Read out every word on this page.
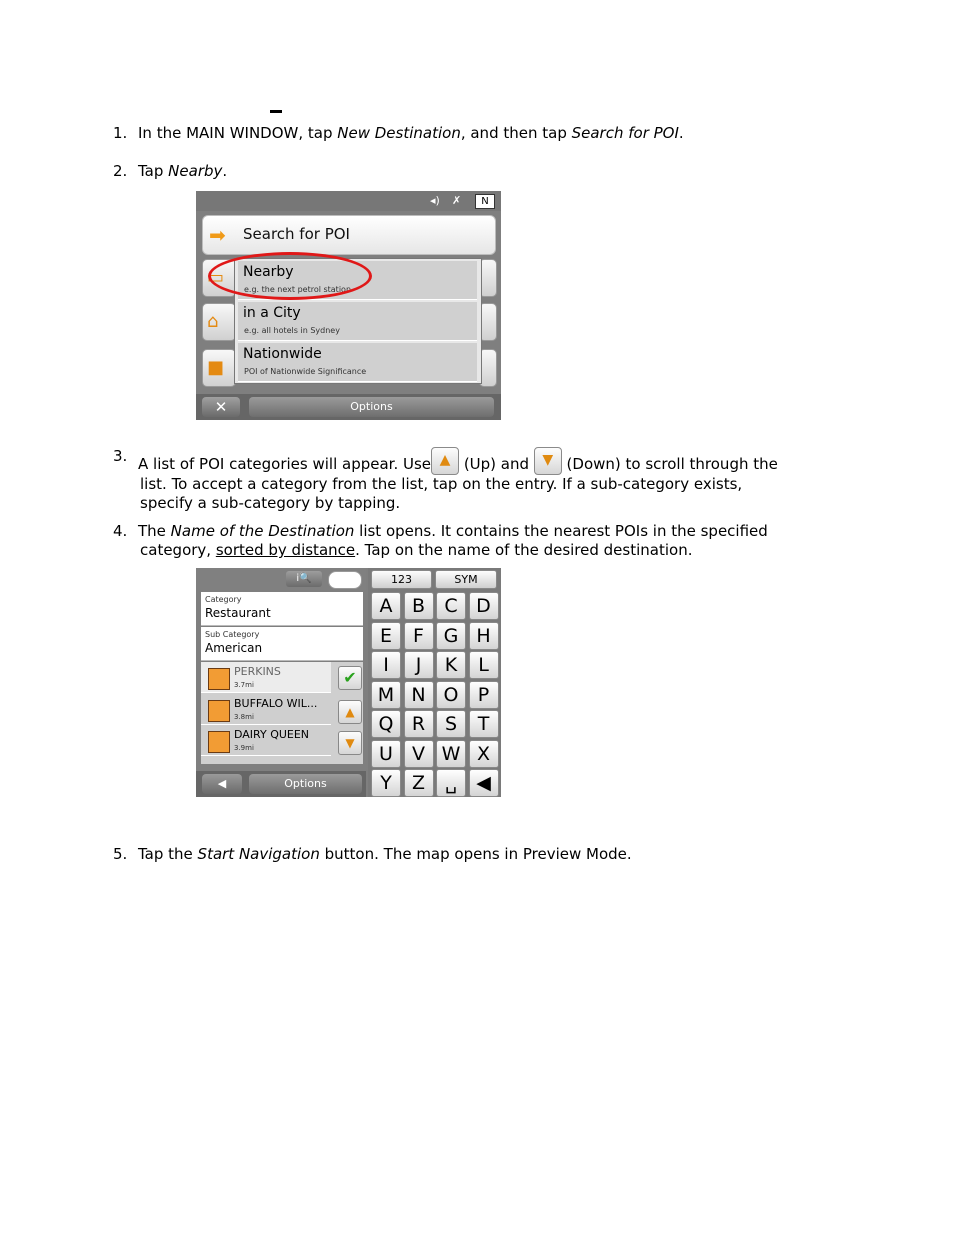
1. In the MAIN WINDOW, tap New Destination, and then tap Search for POI.
2. Tap Nearby.
◂) ✗	N
➡	Search for POI
▭
⌂
■
Nearby
e.g. the next petrol station
in a City
e.g. all hotels in Sydney
Nationwide
POI of Nationwide Significance
✕	Options
3. A list of POI categories will appear. Use ▲ (Up) and ▼ (Down) to scroll through the
list. To accept a category from the list, tap on the entry. If a sub-category exists,
specify a sub-category by tapping.
4. The Name of the Destination list opens. It contains the nearest POIs in the specified
category, sorted by distance. Tap on the name of the desired destination.
i🔍
Category
Restaurant
Sub Category
American
PERKINS
3.7mi
BUFFALO WIL...
3.8mi
DAIRY QUEEN
3.9mi
✔
▲
▼
◀	Options
123	SYM
A	B	C D
E	F	G H
I	J	K	L
M N O	P
Q R	S	T
U	V W X
Y	Z	␣	◀
5. Tap the Start Navigation button. The map opens in Preview Mode.
